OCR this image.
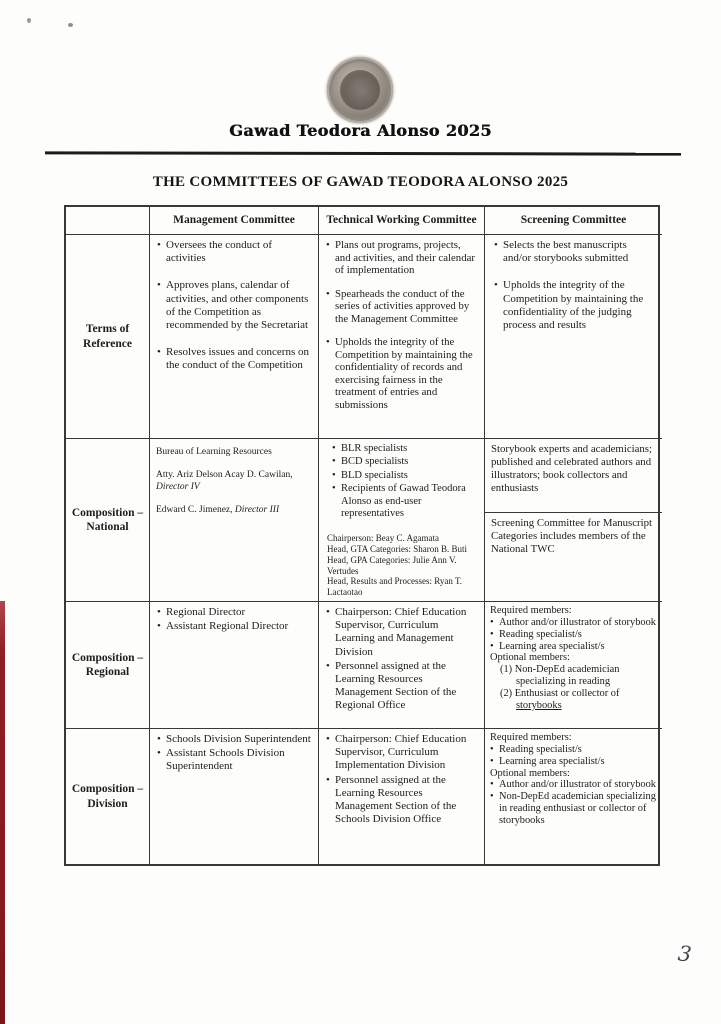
Gawad Teodora Alonso 2025
THE COMMITTEES OF GAWAD TEODORA ALONSO 2025
Management Committee	Technical Working Committee	Screening Committee
Terms of Reference
• Oversees the conduct of activities
• Approves plans, calendar of activities, and other components of the Competition as recommended by the Secretariat
• Resolves issues and concerns on the conduct of the Competition
• Plans out programs, projects, and activities, and their calendar of implementation
• Spearheads the conduct of the series of activities approved by the Management Committee
• Upholds the integrity of the Competition by maintaining the confidentiality of records and exercising fairness in the treatment of entries and submissions
• Selects the best manuscripts and/or storybooks submitted
• Upholds the integrity of the Competition by maintaining the confidentiality of the judging process and results
Composition – National

Bureau of Learning Resources

Atty. Ariz Delson Acay D. Cawilan,
Director IV

Edward C. Jimenez, Director III

• BLR specialists
• BCD specialists
• BLD specialists
• Recipients of Gawad Teodora Alonso as end-user representatives
Chairperson: Beay C. Agamata
Head, GTA Categories: Sharon B. Buti
Head, GPA Categories: Julie Ann V. Vertudes
Head, Results and Processes: Ryan T. Lactaotao
Storybook experts and academicians; published and celebrated authors and illustrators; book collectors and enthusiasts
Screening Committee for Manuscript Categories includes members of the National TWC
Composition – Regional
• Regional Director
• Assistant Regional Director
• Chairperson: Chief Education Supervisor, Curriculum Learning and Management Division
• Personnel assigned at the Learning Resources Management Section of the Regional Office
Required members:
• Author and/or illustrator of storybook
• Reading specialist/s
• Learning area specialist/s
Optional members:
(1) Non-DepEd academician specializing in reading
(2) Enthusiast or collector of storybooks
Composition – Division
• Schools Division Superintendent
• Assistant Schools Division Superintendent
• Chairperson: Chief Education Supervisor, Curriculum Implementation Division
• Personnel assigned at the Learning Resources Management Section of the Schools Division Office
Required members:
• Reading specialist/s
• Learning area specialist/s
Optional members:
• Author and/or illustrator of storybook
• Non-DepEd academician specializing in reading enthusiast or collector of storybooks
3
